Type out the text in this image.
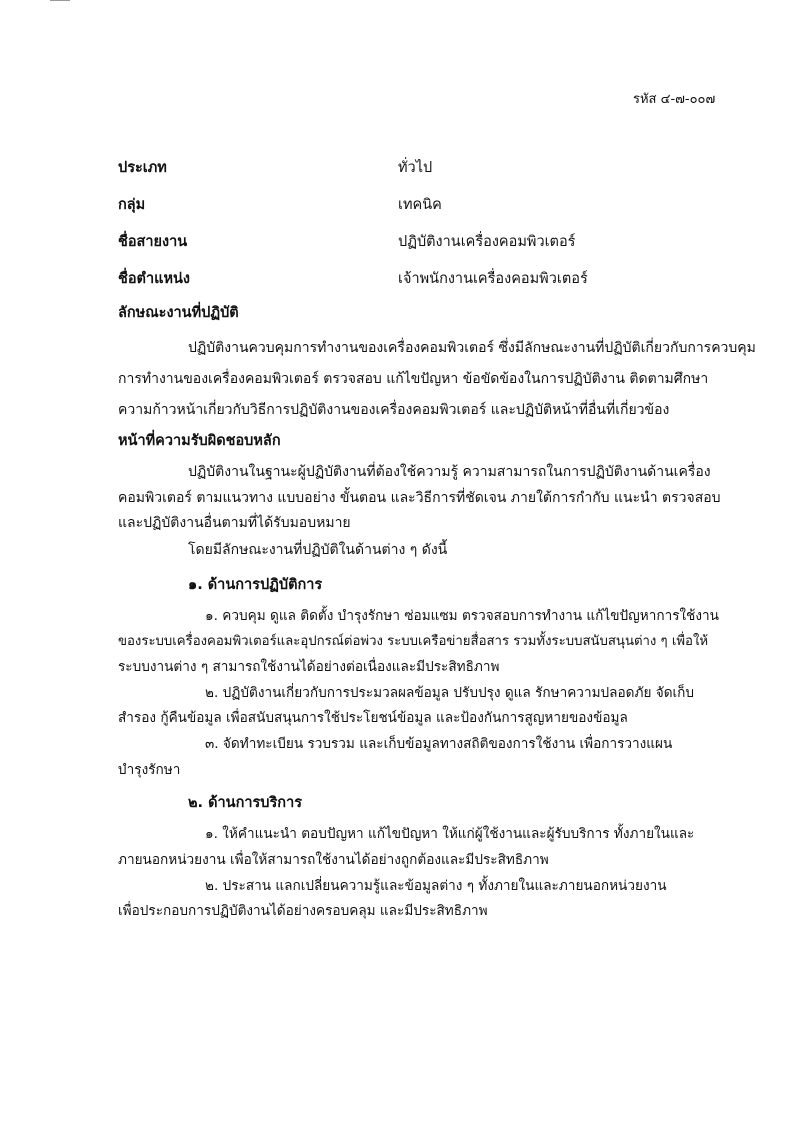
รหัส ๔-๗-๐๐๗
ประเภท	ทั่วไป
กลุ่ม	เทคนิค
ชื่อสายงาน	ปฏิบัติงานเครื่องคอมพิวเตอร์
ชื่อตำแหน่ง	เจ้าพนักงานเครื่องคอมพิวเตอร์
ลักษณะงานที่ปฏิบัติ
ปฏิบัติงานควบคุมการทำงานของเครื่องคอมพิวเตอร์ ซึ่งมีลักษณะงานที่ปฏิบัติเกี่ยวกับการควบคุม
การทำงานของเครื่องคอมพิวเตอร์ ตรวจสอบ แก้ไขปัญหา ข้อขัดข้องในการปฏิบัติงาน ติดตามศึกษา
ความก้าวหน้าเกี่ยวกับวิธีการปฏิบัติงานของเครื่องคอมพิวเตอร์ และปฏิบัติหน้าที่อื่นที่เกี่ยวข้อง
หน้าที่ความรับผิดชอบหลัก
ปฏิบัติงานในฐานะผู้ปฏิบัติงานที่ต้องใช้ความรู้ ความสามารถในการปฏิบัติงานด้านเครื่อง
คอมพิวเตอร์ ตามแนวทาง แบบอย่าง ขั้นตอน และวิธีการที่ชัดเจน ภายใต้การกำกับ แนะนำ ตรวจสอบ
และปฏิบัติงานอื่นตามที่ได้รับมอบหมาย
โดยมีลักษณะงานที่ปฏิบัติในด้านต่าง ๆ ดังนี้
๑. ด้านการปฏิบัติการ
๑. ควบคุม ดูแล ติดตั้ง บำรุงรักษา ซ่อมแซม ตรวจสอบการทำงาน แก้ไขปัญหาการใช้งาน
ของระบบเครื่องคอมพิวเตอร์และอุปกรณ์ต่อพ่วง ระบบเครือข่ายสื่อสาร รวมทั้งระบบสนับสนุนต่าง ๆ เพื่อให้
ระบบงานต่าง ๆ สามารถใช้งานได้อย่างต่อเนื่องและมีประสิทธิภาพ
๒. ปฏิบัติงานเกี่ยวกับการประมวลผลข้อมูล ปรับปรุง ดูแล รักษาความปลอดภัย จัดเก็บ
สำรอง กู้คืนข้อมูล เพื่อสนับสนุนการใช้ประโยชน์ข้อมูล และป้องกันการสูญหายของข้อมูล
๓. จัดทำทะเบียน รวบรวม และเก็บข้อมูลทางสถิติของการใช้งาน เพื่อการวางแผน
บำรุงรักษา
๒. ด้านการบริการ
๑. ให้คำแนะนำ ตอบปัญหา แก้ไขปัญหา ให้แก่ผู้ใช้งานและผู้รับบริการ ทั้งภายในและ
ภายนอกหน่วยงาน เพื่อให้สามารถใช้งานได้อย่างถูกต้องและมีประสิทธิภาพ
๒. ประสาน แลกเปลี่ยนความรู้และข้อมูลต่าง ๆ ทั้งภายในและภายนอกหน่วยงาน
เพื่อประกอบการปฏิบัติงานได้อย่างครอบคลุม และมีประสิทธิภาพ
